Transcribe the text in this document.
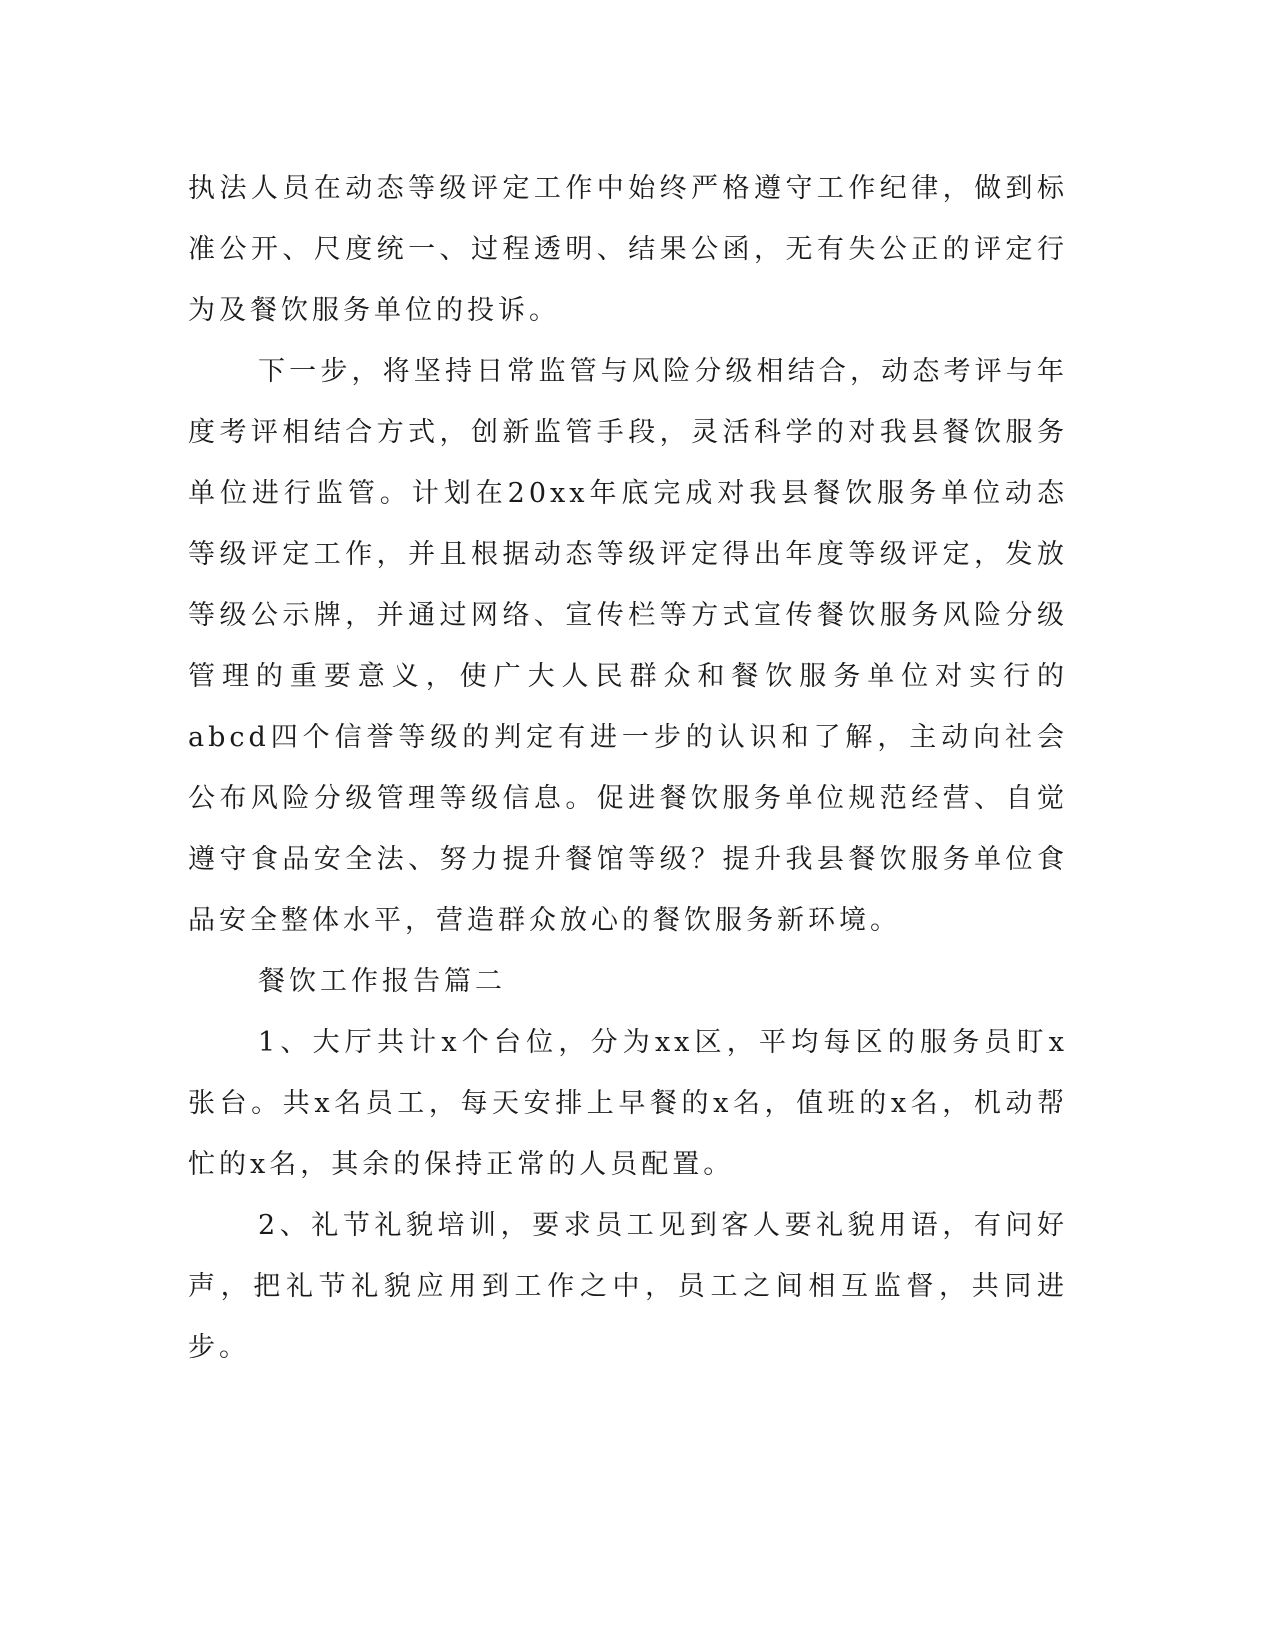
执法人员在动态等级评定工作中始终严格遵守工作纪律，做到标准公开、尺度统一、过程透明、结果公函，无有失公正的评定行为及餐饮服务单位的投诉。

下一步，将坚持日常监管与风险分级相结合，动态考评与年度考评相结合方式，创新监管手段，灵活科学的对我县餐饮服务单位进行监管。计划在20xx年底完成对我县餐饮服务单位动态等级评定工作，并且根据动态等级评定得出年度等级评定，发放等级公示牌，并通过网络、宣传栏等方式宣传餐饮服务风险分级管理的重要意义，使广大人民群众和餐饮服务单位对实行的abcd四个信誉等级的判定有进一步的认识和了解，主动向社会公布风险分级管理等级信息。促进餐饮服务单位规范经营、自觉遵守食品安全法、努力提升餐馆等级？提升我县餐饮服务单位食品安全整体水平，营造群众放心的餐饮服务新环境。

餐饮工作报告篇二

1、大厅共计x个台位，分为xx区，平均每区的服务员盯x张台。共x名员工，每天安排上早餐的x名，值班的x名，机动帮忙的x名，其余的保持正常的人员配置。

2、礼节礼貌培训，要求员工见到客人要礼貌用语，有问好声，把礼节礼貌应用到工作之中，员工之间相互监督，共同进步。
